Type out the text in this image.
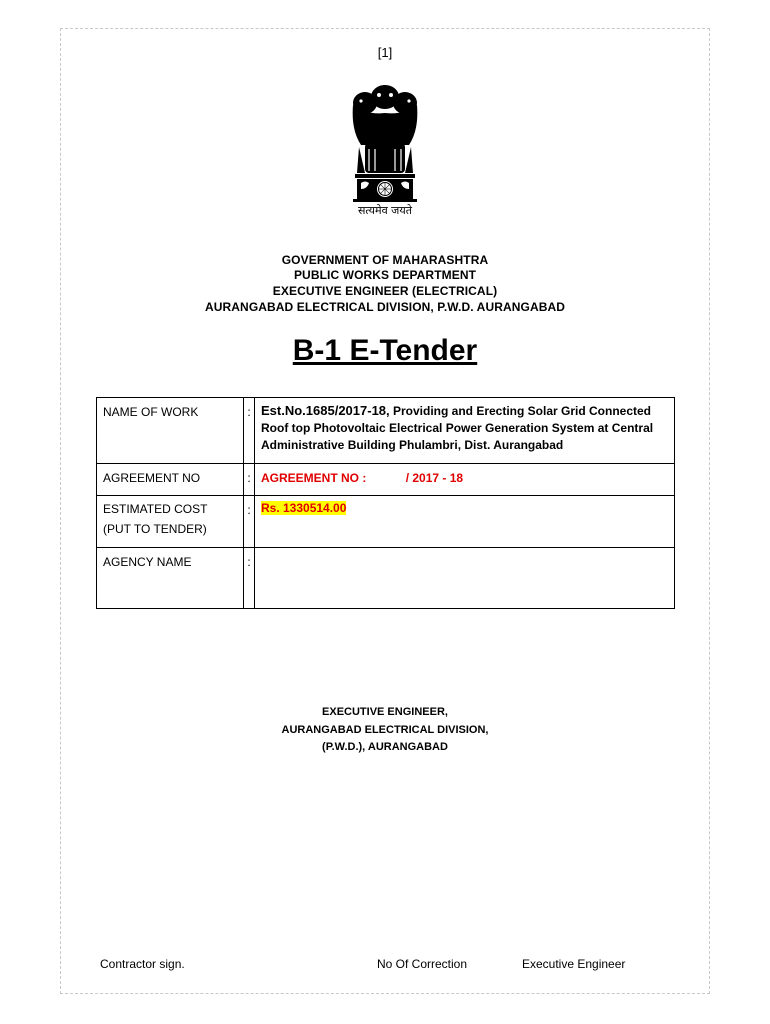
[1]
सत्यमेव जयते
GOVERNMENT OF MAHARASHTRA
PUBLIC WORKS DEPARTMENT
EXECUTIVE ENGINEER (ELECTRICAL)
AURANGABAD ELECTRICAL DIVISION, P.W.D. AURANGABAD
B-1 E-Tender
NAME OF WORK	:	Est.No.1685/2017-18, Providing and Erecting Solar Grid Connected Roof top Photovoltaic Electrical Power Generation System at Central Administrative Building Phulambri, Dist. Aurangabad
AGREEMENT NO	:	AGREEMENT NO : / 2017 - 18
ESTIMATED COST (PUT TO TENDER)	:	Rs. 1330514.00
AGENCY NAME	:	
EXECUTIVE ENGINEER,
AURANGABAD ELECTRICAL DIVISION,
(P.W.D.), AURANGABAD
Contractor sign.	No Of Correction	Executive Engineer
